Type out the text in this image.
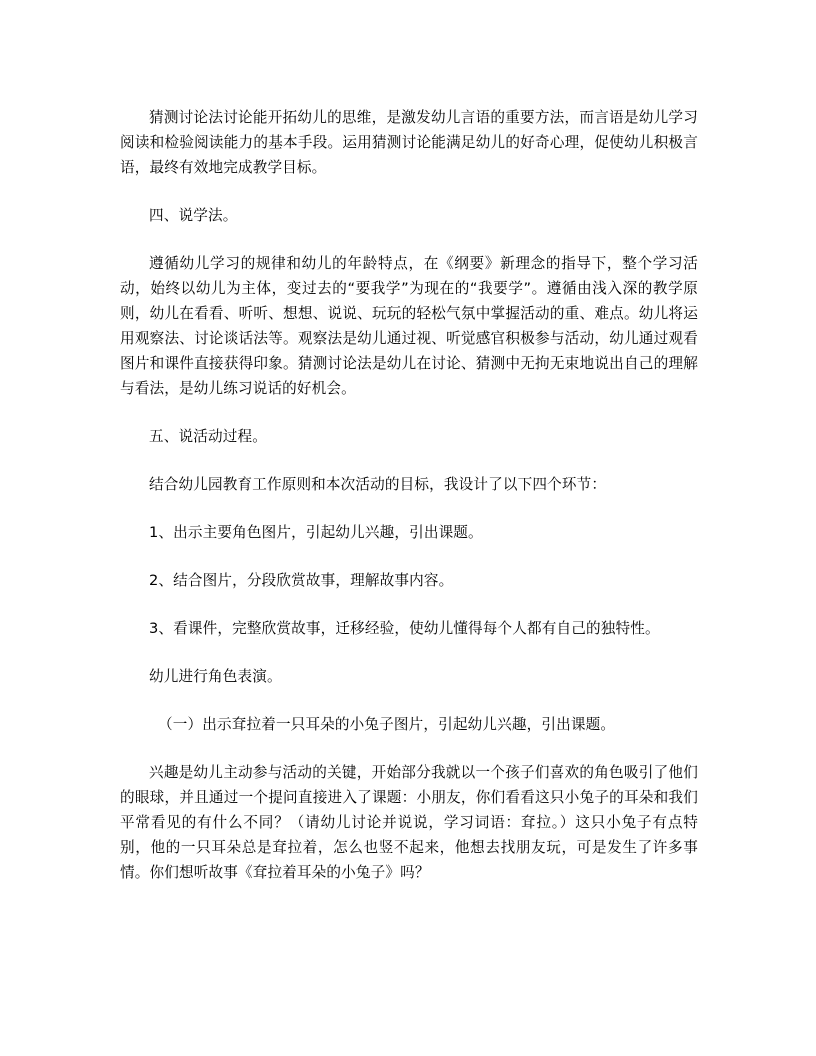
猜测讨论法讨论能开拓幼儿的思维，是激发幼儿言语的重要方法，而言语是幼儿学习阅读和检验阅读能力的基本手段。运用猜测讨论能满足幼儿的好奇心理，促使幼儿积极言语，最终有效地完成教学目标。

四、说学法。

遵循幼儿学习的规律和幼儿的年龄特点，在《纲要》新理念的指导下，整个学习活动，始终以幼儿为主体，变过去的“要我学”为现在的“我要学”。遵循由浅入深的教学原则，幼儿在看看、听听、想想、说说、玩玩的轻松气氛中掌握活动的重、难点。幼儿将运用观察法、讨论谈话法等。观察法是幼儿通过视、听觉感官积极参与活动，幼儿通过观看图片和课件直接获得印象。猜测讨论法是幼儿在讨论、猜测中无拘无束地说出自己的理解与看法，是幼儿练习说话的好机会。

五、说活动过程。

结合幼儿园教育工作原则和本次活动的目标，我设计了以下四个环节：

1、出示主要角色图片，引起幼儿兴趣，引出课题。

2、结合图片，分段欣赏故事，理解故事内容。

3、看课件，完整欣赏故事，迁移经验，使幼儿懂得每个人都有自己的独特性。

幼儿进行角色表演。

（一）出示耷拉着一只耳朵的小兔子图片，引起幼儿兴趣，引出课题。

兴趣是幼儿主动参与活动的关键，开始部分我就以一个孩子们喜欢的角色吸引了他们的眼球，并且通过一个提问直接进入了课题：小朋友，你们看看这只小兔子的耳朵和我们平常看见的有什么不同？（请幼儿讨论并说说，学习词语：耷拉。）这只小兔子有点特别，他的一只耳朵总是耷拉着，怎么也竖不起来，他想去找朋友玩，可是发生了许多事情。你们想听故事《耷拉着耳朵的小兔子》吗？
